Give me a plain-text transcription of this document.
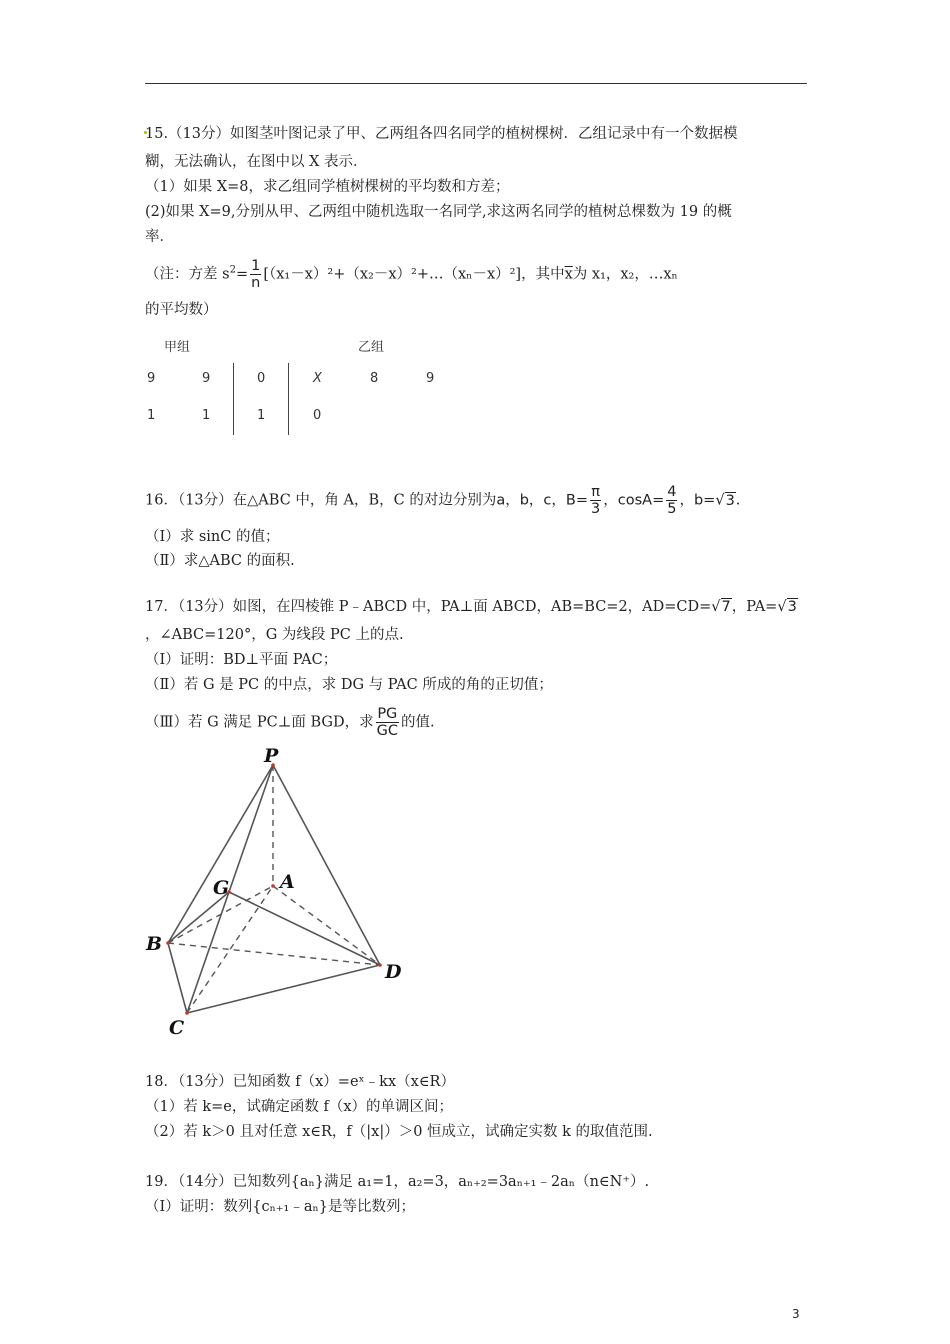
15.（13分）如图茎叶图记录了甲、乙两组各四名同学的植树棵树．乙组记录中有一个数据模
糊，无法确认，在图中以 X 表示．
（1）如果 X=8，求乙组同学植树棵树的平均数和方差；
(2)如果 X=9,分别从甲、乙两组中随机选取一名同学,求这两名同学的植树总棵数为 19 的概
率．
（注：方差 $s^2= \frac{1}{n}$ [（x₁－x）²+（x₂－x）²+…（xₙ－x）²]，其中$\overline{x}$为 x₁，x₂，…xₙ
的平均数）
甲组	乙组
9	9	0	X	8	9
1	1	1	0
16．（13分）在△ABC 中，角 A，B，C 的对边分别为a，b，c，$B= \frac{\pi}{3}$ ，$\cos A= \frac{4}{5}$ ，b=√3.
（Ⅰ）求 sinC 的值；
（Ⅱ）求△ABC 的面积.
17．（13分）如图，在四棱锥 P﹣ABCD 中，PA⊥面 ABCD，AB=BC=2，AD=CD=√7，PA=√3
，∠ABC=120°，G 为线段 PC 上的点.
（Ⅰ）证明：BD⊥平面 PAC；
（Ⅱ）若 G 是 PC 的中点，求 DG 与 PAC 所成的角的正切值；
（Ⅲ）若 G 满足 PC⊥面 BGD，求 $\frac{PG}{GC}$ 的值.
P
G	A
B
D
C
18．（13分）已知函数 f（x）=eˣ﹣kx（x∈R）
（1）若 k=e，试确定函数 f（x）的单调区间；
（2）若 k＞0 且对任意 x∈R，f（|x|）＞0 恒成立，试确定实数 k 的取值范围.
19．（14分）已知数列{aₙ}满足 a₁=1，a₂=3，aₙ₊₂=3aₙ₊₁﹣2aₙ（n∈N⁺）.
（Ⅰ）证明：数列{cₙ₊₁﹣aₙ}是等比数列；
3
